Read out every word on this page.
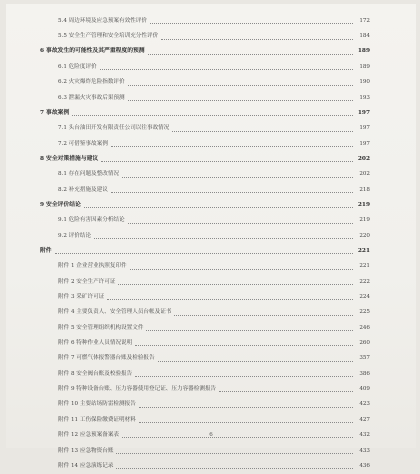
5.4 周边环境及应急预案有效性评价	172
5.5 安全生产管理和安全培训充分性评价	184
6 事故发生的可能性及其严重程度的预测	189
6.1 危险度评价	189
6.2 火灾爆炸危险指数评价	190
6.3 泄漏火灾事故后果预测	193
7 事故案例	197
7.1 头台油田开发有限责任公司以往事故情况	197
7.2 可借鉴事故案例	197
8 安全对策措施与建议	202
8.1 存在问题及整改情况	202
8.2 补充措施及建议	218
9 安全评价结论	219
9.1 危险有害因素分析结论	219
9.2 评价结论	220
附件	221
附件 1 企业营业执照复印件	221
附件 2 安全生产许可证	222
附件 3 采矿许可证	224
附件 4 主要负责人、安全管理人员台帐及证书	225
附件 5 安全管理组织机构设置文件	246
附件 6 特种作业人员情况说明	260
附件 7 可燃气体报警器台账及检验报告	357
附件 8 安全阀台账及校验报告	386
附件 9 特种设备台账、压力容器使用登记证、压力容器检测报告	409
附件 10 主要站场防雷检测报告	423
附件 11 工伤保险缴费证明材料	427
附件 12 应急预案备案表	432
附件 13 应急物资台账	433
附件 14 应急演练记录	436
6
